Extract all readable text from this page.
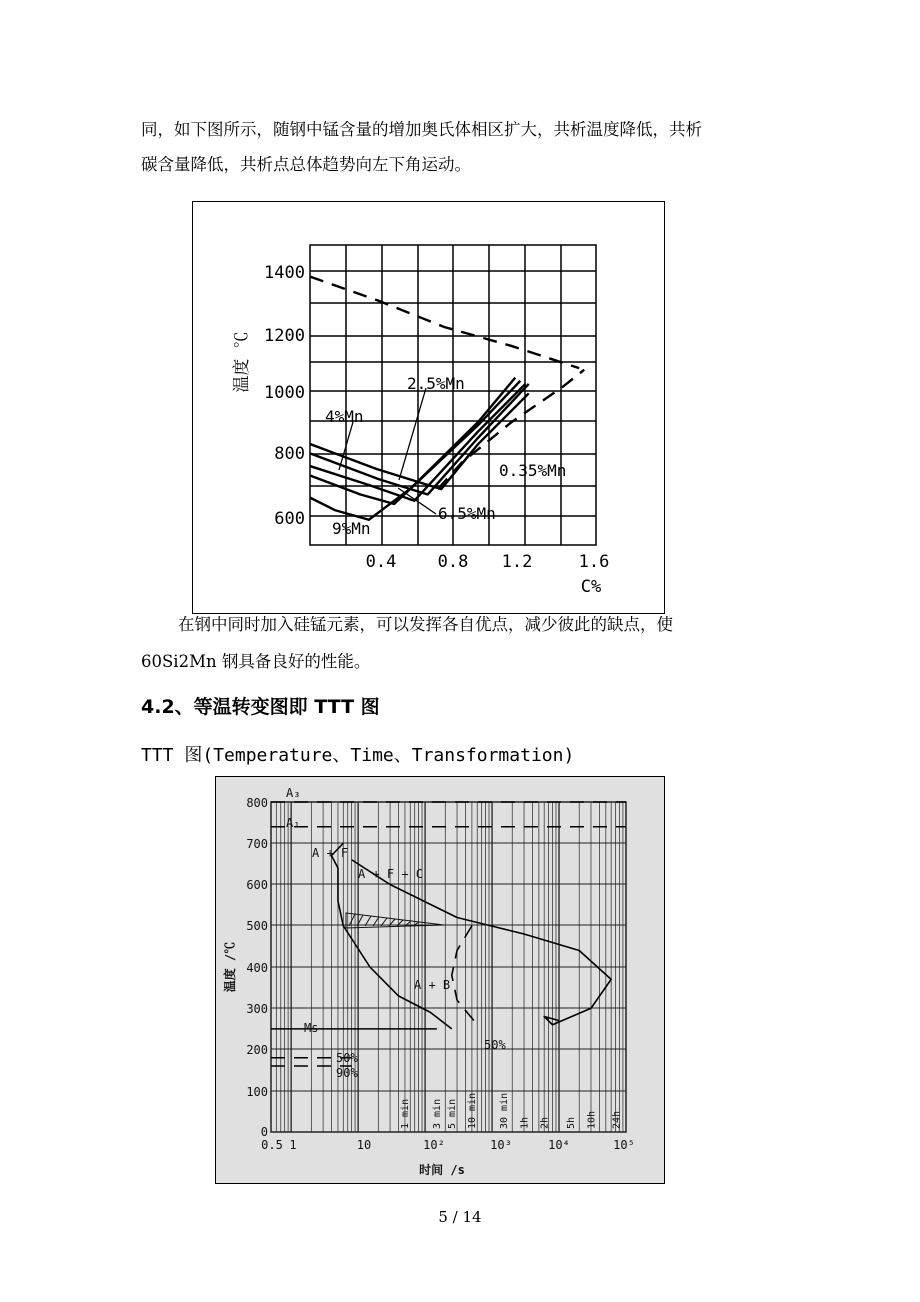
同，如下图所示，随钢中锰含量的增加奥氏体相区扩大，共析温度降低，共析
碳含量降低，共析点总体趋势向左下角运动。
1400
1200
1000
800
600
0.4 0.8 1.2	1.6
C%
温度 ℃	2.5%Mn
4%Mn
0.35%Mn
6.5%Mn
9%Mn
在钢中同时加入硅锰元素，可以发挥各自优点，减少彼此的缺点，使
60Si2Mn 钢具备良好的性能。
4.2、等温转变图即 TTT 图
TTT 图(Temperature、Time、Transformation)
800
700
600
500
400
300
200
100
0
0.5 1	10	10²	10³	10⁴	10⁵
时间 /s
温度 /℃
1 min 3 min 5 min 10 min 30 min 1h 2h 5h 10h 24h
A₃
A₁
A + F
A + F + C
A + B
Ms
50%
90%
50%
5 / 14
